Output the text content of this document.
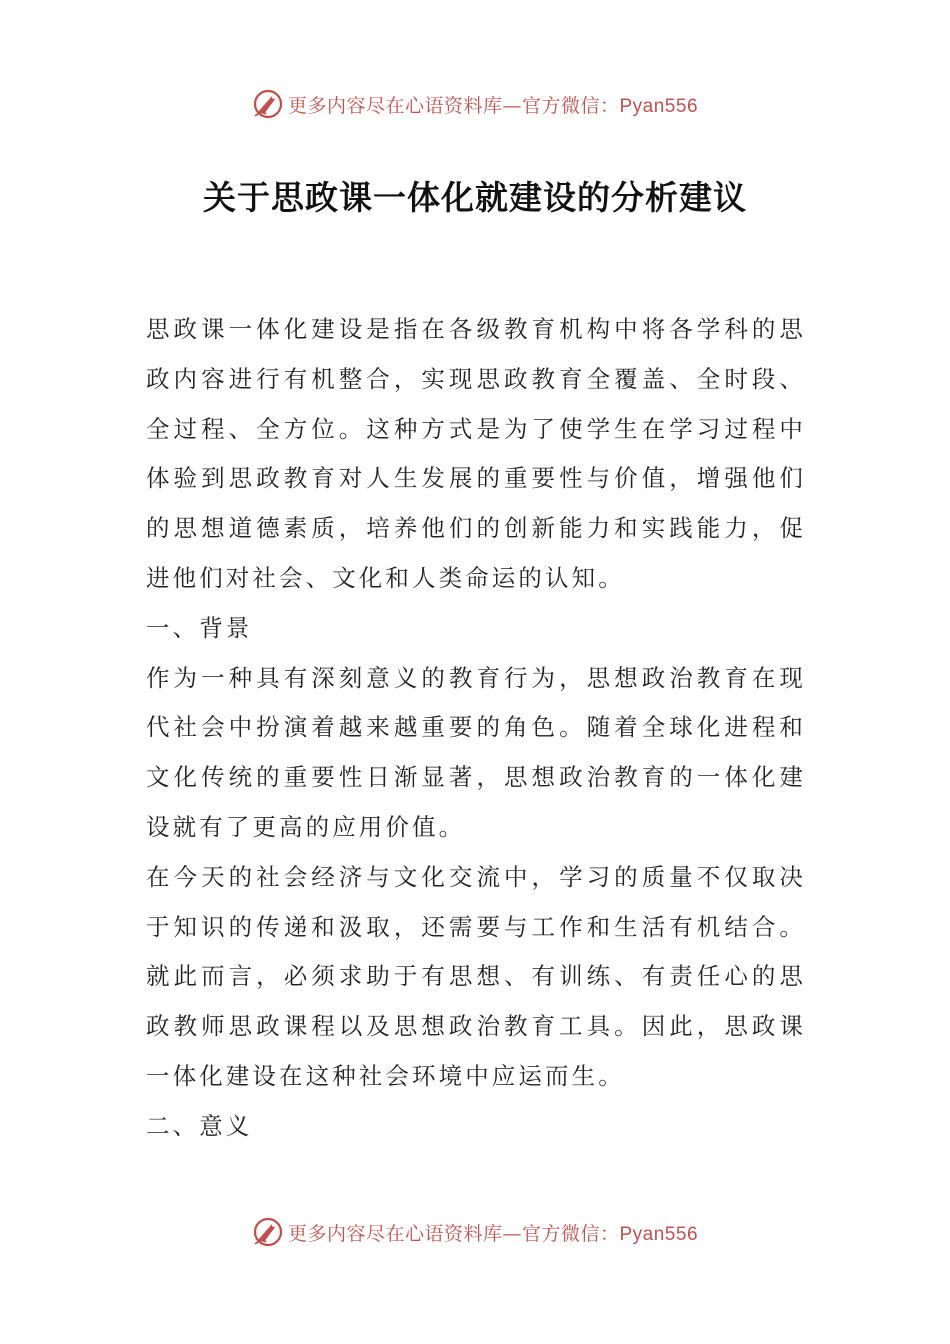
更多内容尽在心语资料库—官方微信：Pyan556
关于思政课一体化就建设的分析建议

思政课一体化建设是指在各级教育机构中将各学科的思政内容进行有机整合，实现思政教育全覆盖、全时段、全过程、全方位。这种方式是为了使学生在学习过程中体验到思政教育对人生发展的重要性与价值，增强他们的思想道德素质，培养他们的创新能力和实践能力，促进他们对社会、文化和人类命运的认知。

一、背景

作为一种具有深刻意义的教育行为，思想政治教育在现代社会中扮演着越来越重要的角色。随着全球化进程和文化传统的重要性日渐显著，思想政治教育的一体化建设就有了更高的应用价值。

在今天的社会经济与文化交流中，学习的质量不仅取决于知识的传递和汲取，还需要与工作和生活有机结合。就此而言，必须求助于有思想、有训练、有责任心的思政教师思政课程以及思想政治教育工具。因此，思政课一体化建设在这种社会环境中应运而生。

二、意义

更多内容尽在心语资料库—官方微信：Pyan556
